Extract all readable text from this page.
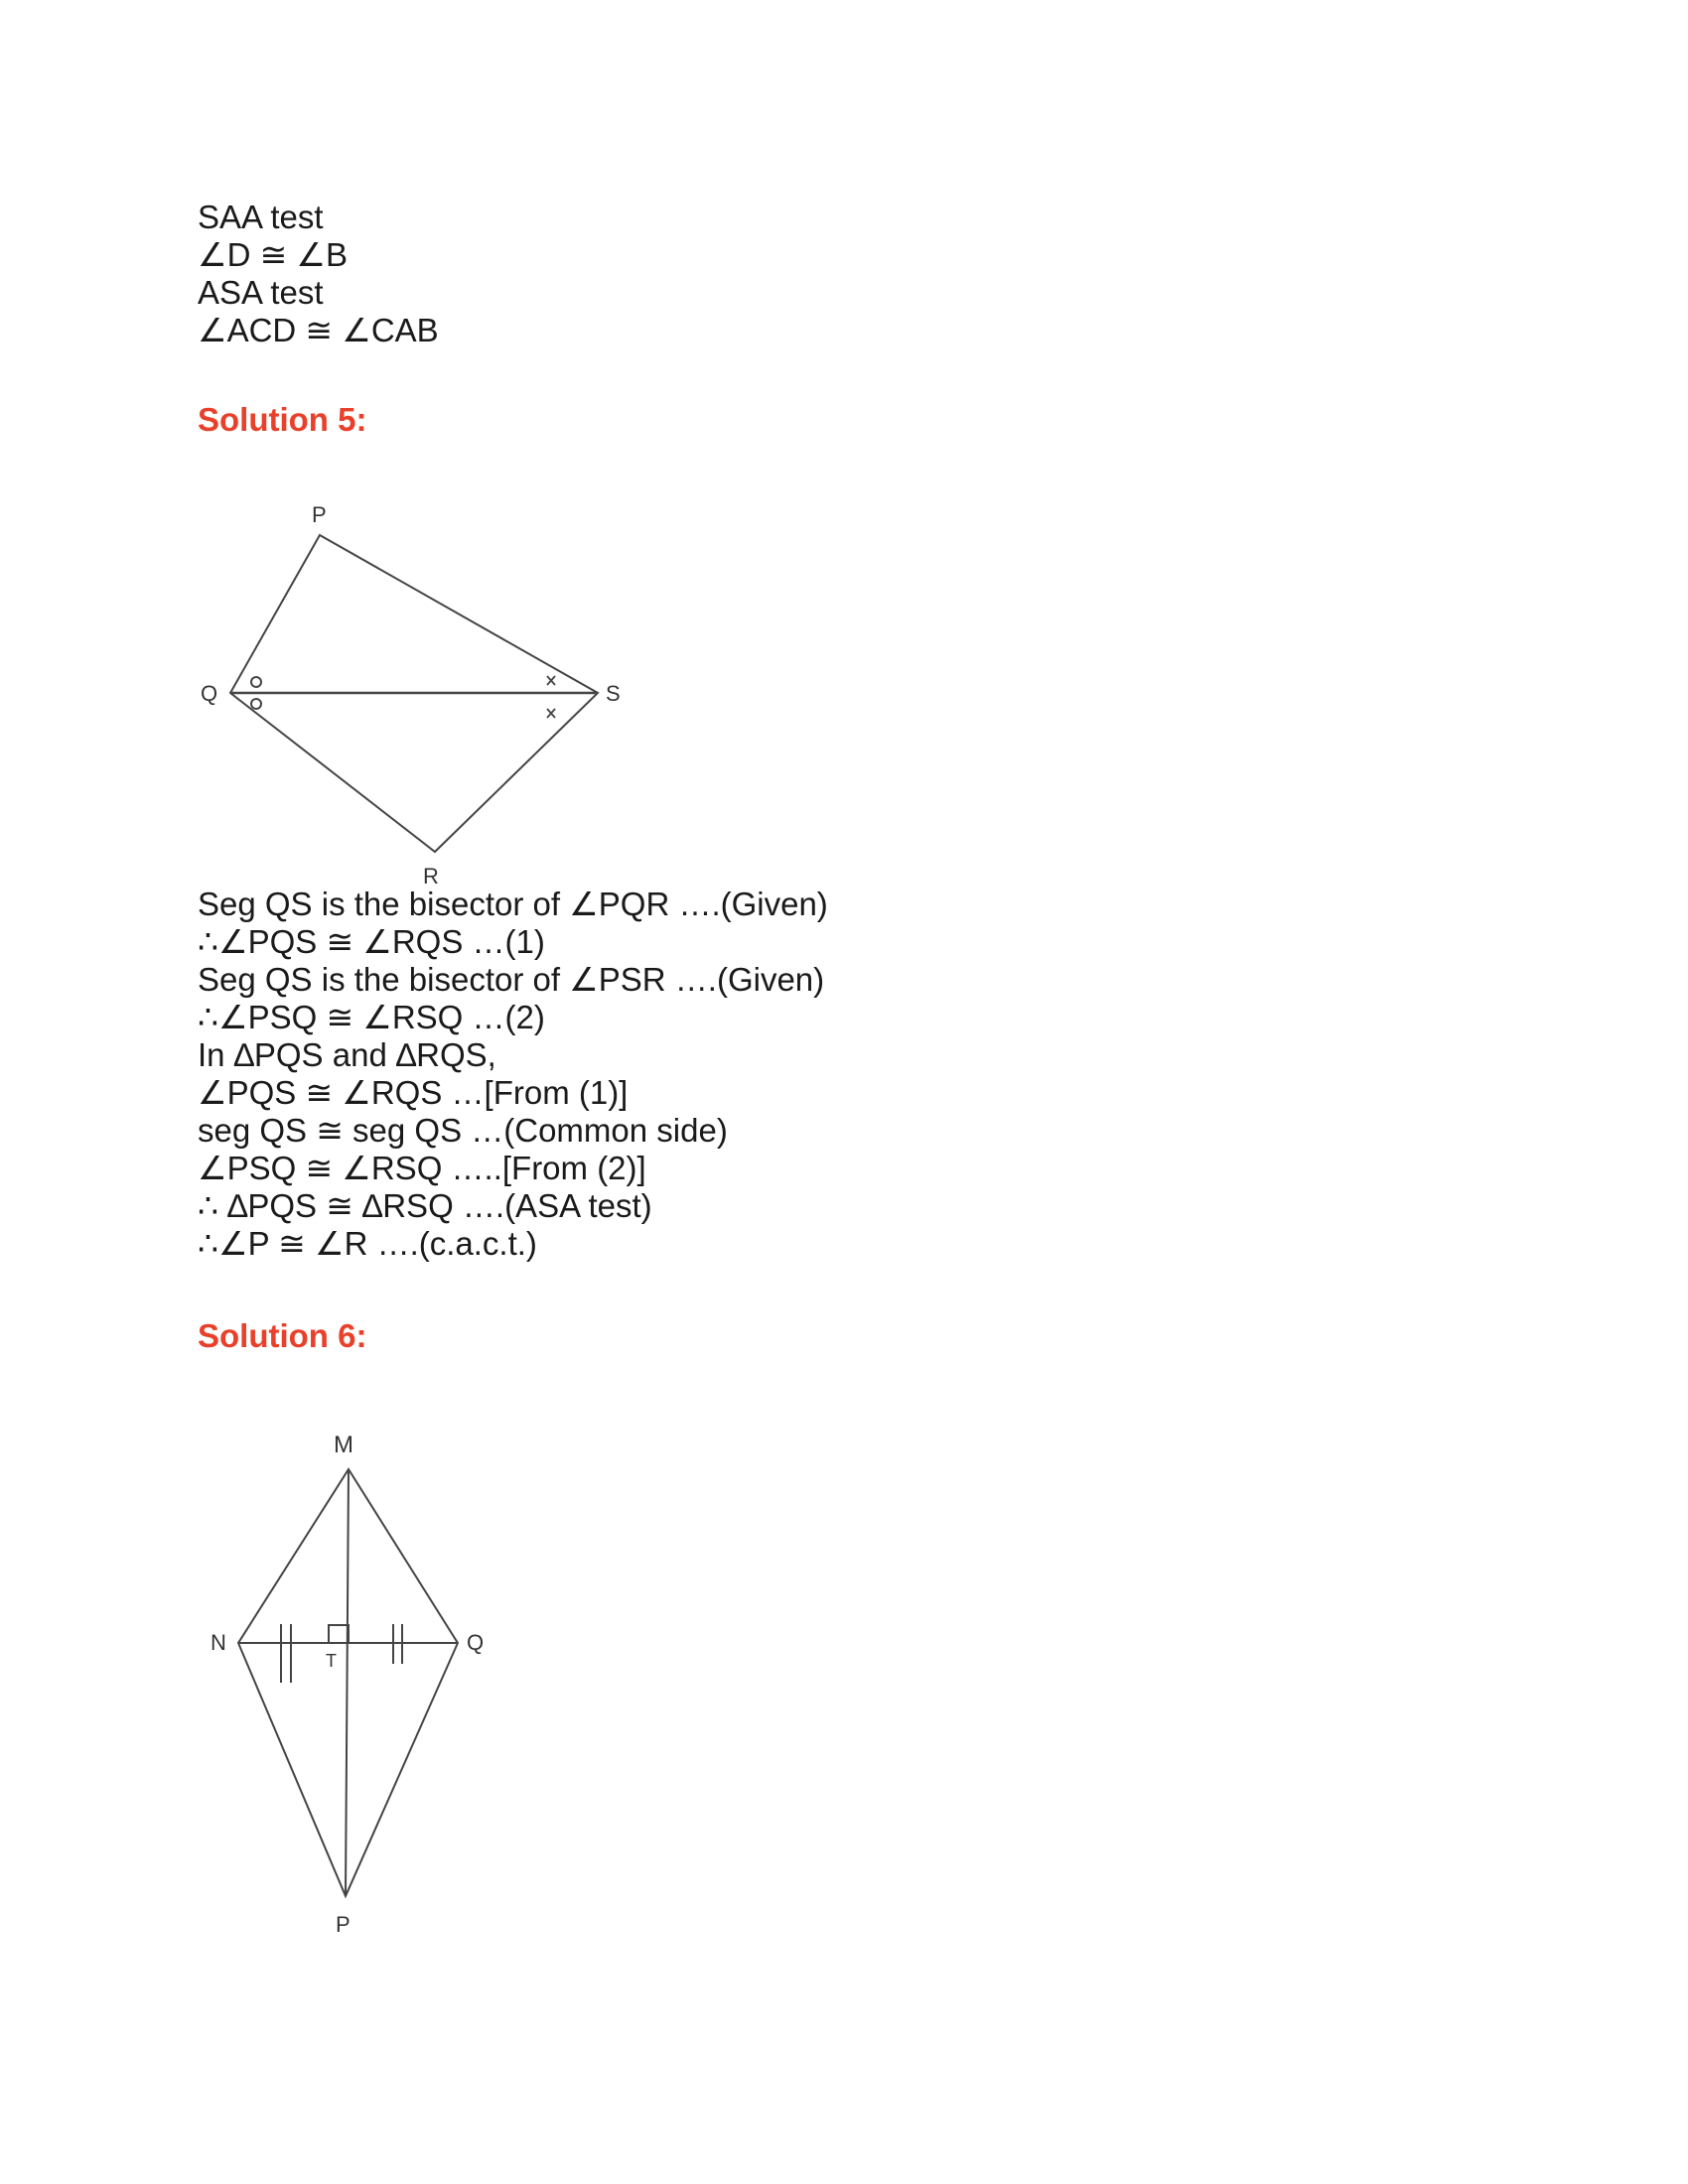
SAA test
∠D ≅ ∠B
ASA test
∠ACD ≅ ∠CAB
Solution 5:
P
Q	S
R
Seg QS is the bisector of ∠PQR ….(Given)
∴∠PQS ≅ ∠RQS …(1)
Seg QS is the bisector of ∠PSR ….(Given)
∴∠PSQ ≅ ∠RSQ …(2)
In ∆PQS and ∆RQS,
∠PQS ≅ ∠RQS …[From (1)]
seg QS ≅ seg QS …(Common side)
∠PSQ ≅ ∠RSQ …..[From (2)]
∴ ∆PQS ≅ ∆RSQ ….(ASA test)
∴∠P ≅ ∠R ….(c.a.c.t.)
Solution 6:
M
N	Q
T
P
